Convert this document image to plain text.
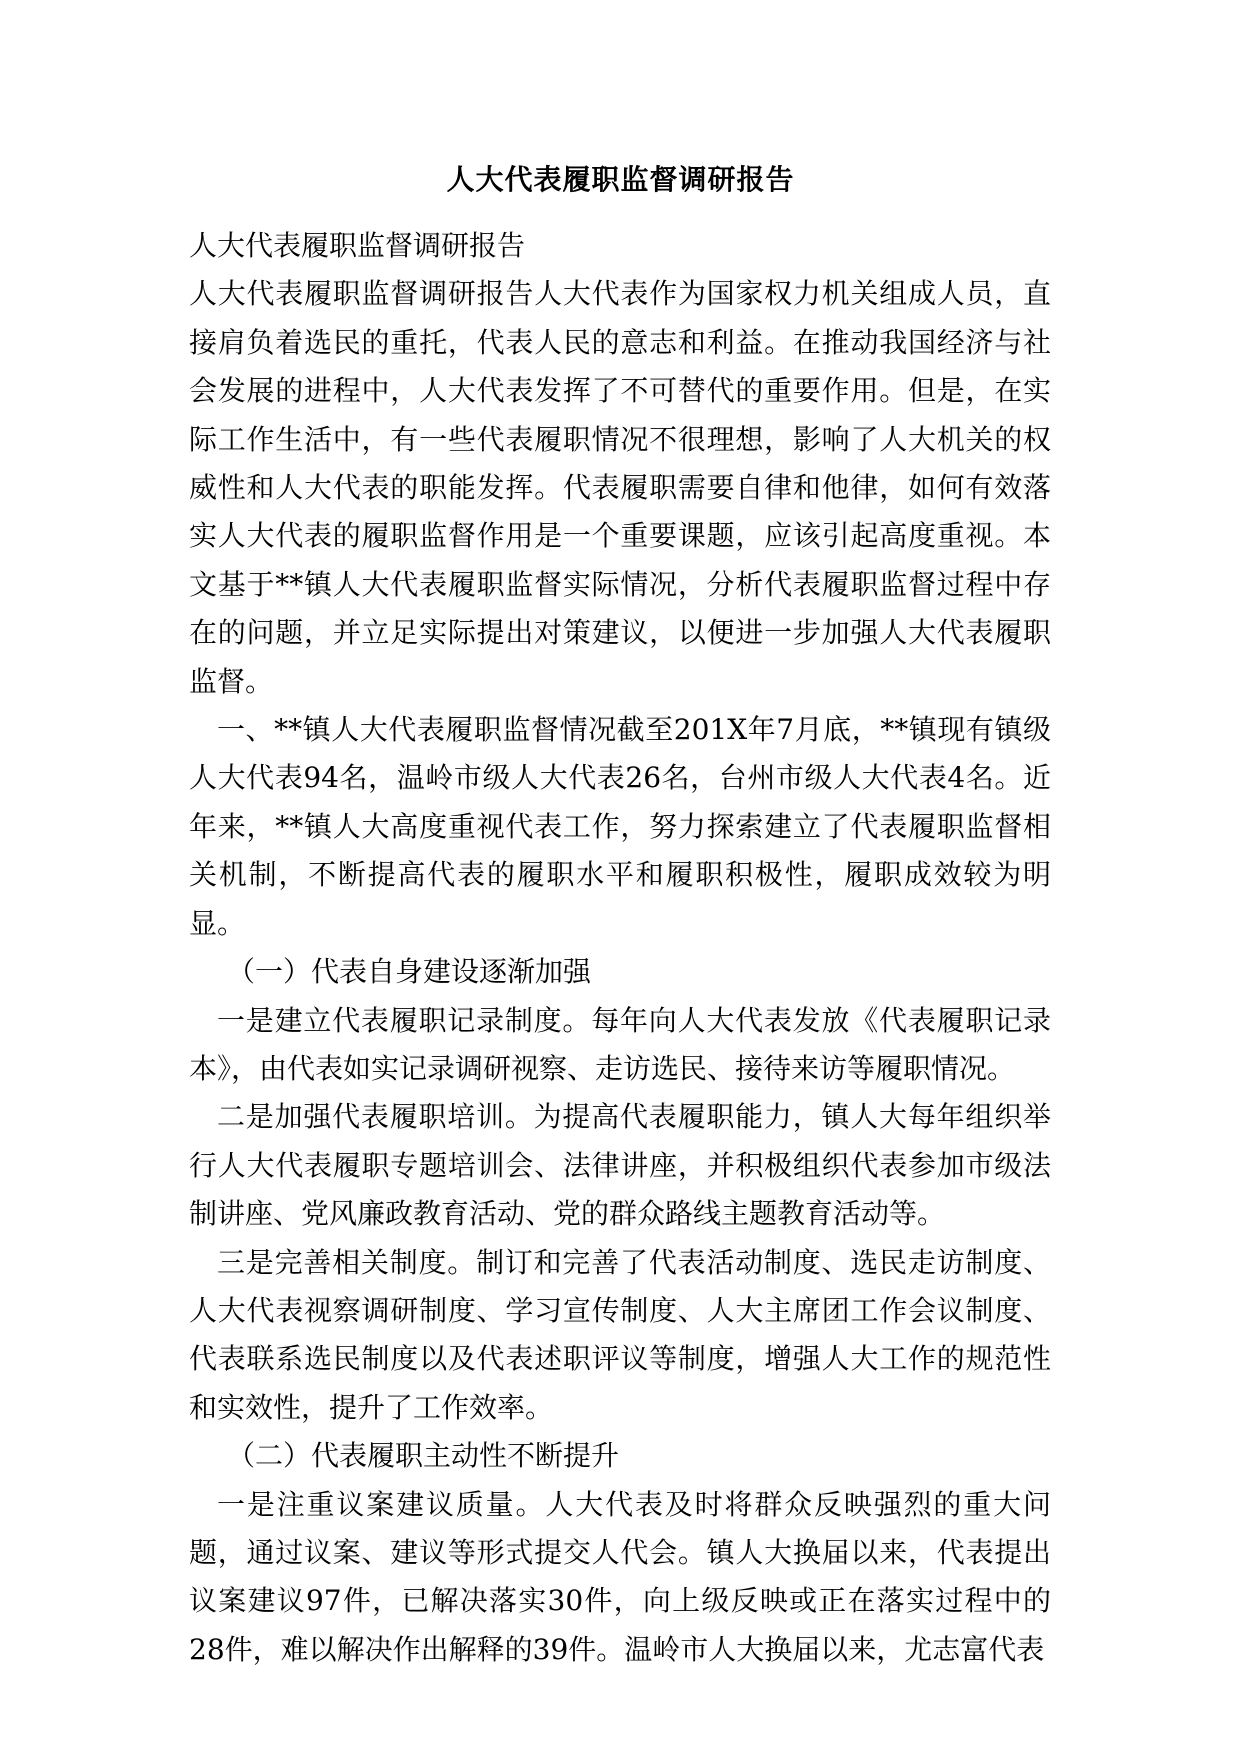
人大代表履职监督调研报告

人大代表履职监督调研报告

人大代表履职监督调研报告人大代表作为国家权力机关组成人员，直接肩负着选民的重托，代表人民的意志和利益。在推动我国经济与社会发展的进程中，人大代表发挥了不可替代的重要作用。但是，在实际工作生活中，有一些代表履职情况不很理想，影响了人大机关的权威性和人大代表的职能发挥。代表履职需要自律和他律，如何有效落实人大代表的履职监督作用是一个重要课题，应该引起高度重视。本文基于**镇人大代表履职监督实际情况，分析代表履职监督过程中存在的问题，并立足实际提出对策建议，以便进一步加强人大代表履职监督。

一、**镇人大代表履职监督情况截至201X年7月底，**镇现有镇级人大代表94名，温岭市级人大代表26名，台州市级人大代表4名。近年来，**镇人大高度重视代表工作，努力探索建立了代表履职监督相关机制，不断提高代表的履职水平和履职积极性，履职成效较为明显。

（一）代表自身建设逐渐加强

一是建立代表履职记录制度。每年向人大代表发放《代表履职记录本》，由代表如实记录调研视察、走访选民、接待来访等履职情况。

二是加强代表履职培训。为提高代表履职能力，镇人大每年组织举行人大代表履职专题培训会、法律讲座，并积极组织代表参加市级法制讲座、党风廉政教育活动、党的群众路线主题教育活动等。

三是完善相关制度。制订和完善了代表活动制度、选民走访制度、人大代表视察调研制度、学习宣传制度、人大主席团工作会议制度、代表联系选民制度以及代表述职评议等制度，增强人大工作的规范性和实效性，提升了工作效率。

（二）代表履职主动性不断提升

一是注重议案建议质量。人大代表及时将群众反映强烈的重大问题，通过议案、建议等形式提交人代会。镇人大换届以来，代表提出议案建议97件，已解决落实30件，向上级反映或正在落实过程中的28件，难以解决作出解释的39件。温岭市人大换届以来，尤志富代表
